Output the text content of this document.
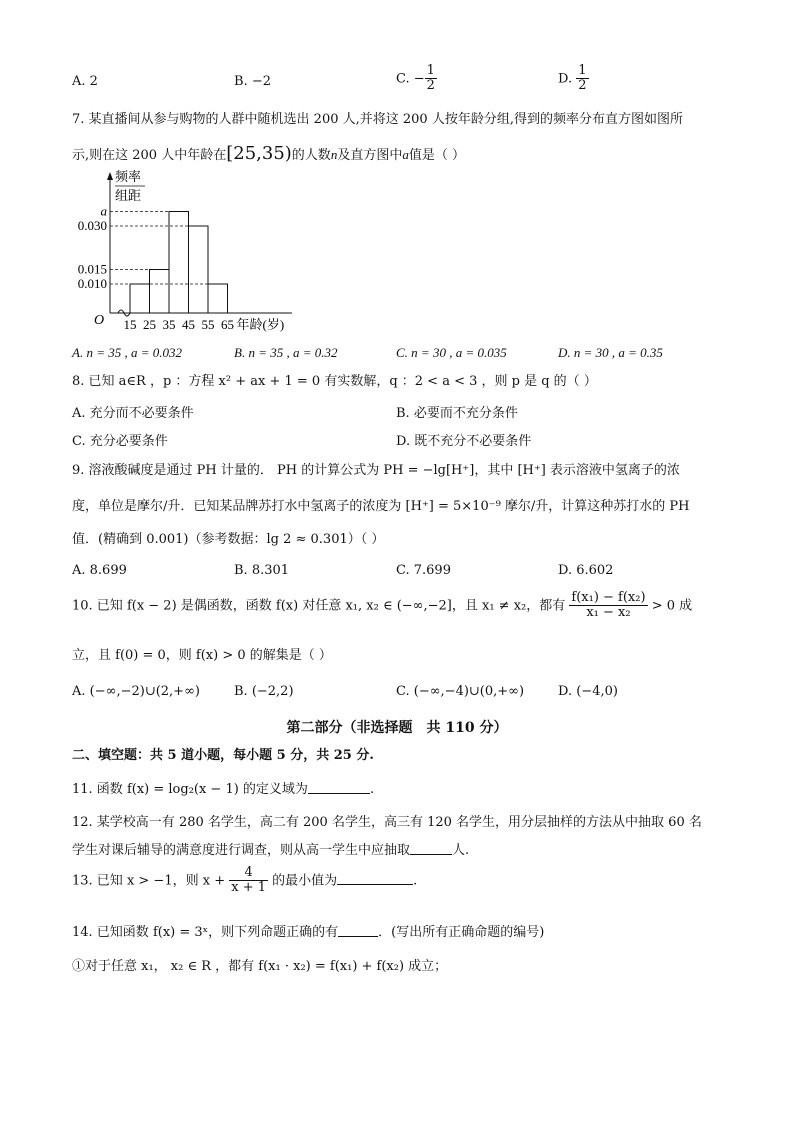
A. 2	B. −2	C. − $\frac{1}{2}$	D. $\frac{1}{2}$
7. 某直播间从参与购物的人群中随机选出 200 人,并将这 200 人按年龄分组,得到的频率分布直方图如图所
示,则在这 200 人中年龄在[25,35)的人数n及直方图中a值是（ ）
频率
组距
O
a
0.030
0.015
0.010
15 25 35 45 55 65 年龄(岁)
A. n = 35 , a = 0.032	B. n = 35 , a = 0.32	C. n = 30 , a = 0.035	D. n = 30 , a = 0.35
8. 已知 a∈R ，p ：方程 x² + ax + 1 = 0 有实数解，q ：2 < a < 3 ，则 p 是 q 的（ ）
A. 充分而不必要条件	B. 必要而不充分条件
C. 充分必要条件	D. 既不充分不必要条件
9. 溶液酸碱度是通过 PH 计量的． PH 的计算公式为 PH = −lg[H⁺]，其中 [H⁺] 表示溶液中氢离子的浓
度，单位是摩尔/升．已知某品牌苏打水中氢离子的浓度为 [H⁺] = 5×10⁻⁹ 摩尔/升，计算这种苏打水的 PH
值．(精确到 0.001)（参考数据：lg 2 ≈ 0.301）（ ）
A. 8.699	B. 8.301	C. 7.699	D. 6.602
10. 已知 f(x − 2) 是偶函数，函数 f(x) 对任意 x₁, x₂ ∈ (−∞,−2]，且 x₁ ≠ x₂，都有 $\frac{\text{f(x₁) − f(x₂)}}{\text{x₁ − x₂}} > 0$ 成
立，且 f(0) = 0，则 f(x) > 0 的解集是（ ）
A. (−∞,−2)∪(2,+∞)	B. (−2,2)	C. (−∞,−4)∪(0,+∞)	D. (−4,0)
第二部分（非选择题　共 110 分）
二、填空题：共 5 道小题，每小题 5 分，共 25 分.
11. 函数 f(x) = log₂(x − 1) 的定义域为	.
12. 某学校高一有 280 名学生，高二有 200 名学生，高三有 120 名学生，用分层抽样的方法从中抽取 60 名
学生对课后辅导的满意度进行调查，则从高一学生中应抽取	人.
13. 已知 x > −1，则 $x + \frac{4}{x + 1}$ 的最小值为	.
14. 已知函数 f(x) = 3ˣ，则下列命题正确的有	．(写出所有正确命题的编号)
①对于任意 x₁， x₂ ∈ R ，都有 f(x₁ · x₂) = f(x₁) + f(x₂) 成立；
